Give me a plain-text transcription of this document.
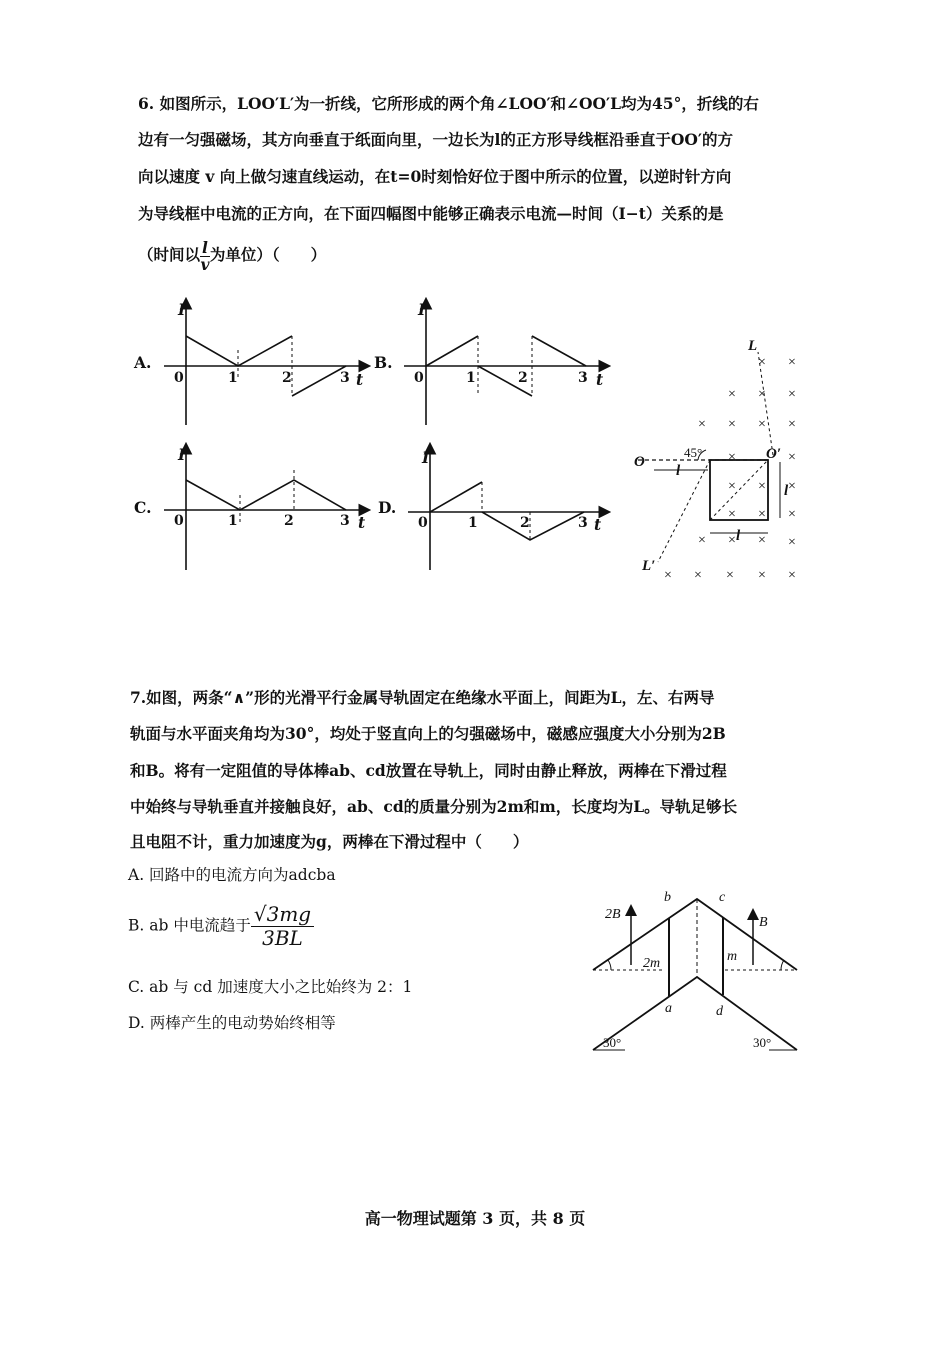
6. 如图所示，LOO′L′为一折线，它所形成的两个角∠LOO′和∠OO′L均为45°，折线的右
边有一匀强磁场，其方向垂直于纸面向里，一边长为l的正方形导线框沿垂直于OO′的方
向以速度 v 向上做匀速直线运动，在t=0时刻恰好位于图中所示的位置，以逆时针方向
为导线框中电流的正方向，在下面四幅图中能够正确表示电流—时间（I−t）关系的是
（时间以 $\frac{l}{v}$ 为单位）（　　）
A.	B.
C.	D.
I
0	1	2	3 t
I
0	1	2	3 t
I
0	1	2	3 t
I
0	1	2	3 t
× ×
× × ×
× × × ×
×	×
× × ×
× × ×
× × × ×
× × × × ×
L
O	O′
L′
l
l
l
45°
7.如图，两条“∧”形的光滑平行金属导轨固定在绝缘水平面上，间距为L，左、右两导
轨面与水平面夹角均为30°，均处于竖直向上的匀强磁场中，磁感应强度大小分别为2B
和B。将有一定阻值的导体棒ab、cd放置在导轨上，同时由静止释放，两棒在下滑过程
中始终与导轨垂直并接触良好，ab、cd的质量分别为2m和m，长度均为L。导轨足够长
且电阻不计，重力加速度为g，两棒在下滑过程中（　　）
A. 回路中的电流方向为adcba
B. ab 中电流趋于 $\frac{√3mg}{3BL}$
C. ab 与 cd 加速度大小之比始终为 2：1
D. 两棒产生的电动势始终相等
2B
B
b	c
a	d
2m	m
30°	30°
高一物理试题第 3 页，共 8 页
